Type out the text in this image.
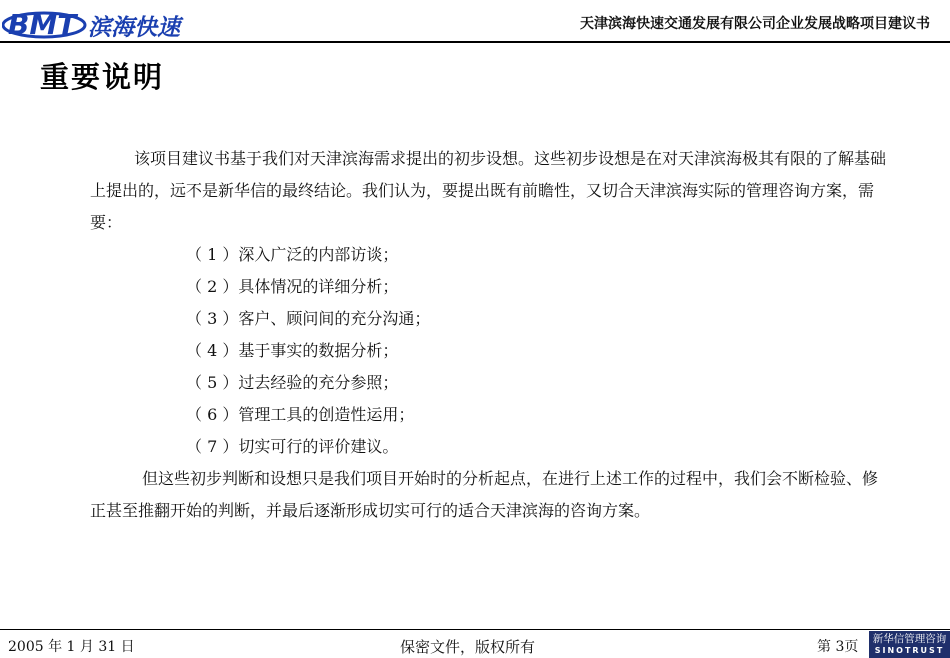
BMT 滨海快速	天津滨海快速交通发展有限公司企业发展战略项目建议书
重要说明

该项目建议书基于我们对天津滨海需求提出的初步设想。这些初步设想是在对天津滨海极其有限的了解基础上提出的，远不是新华信的最终结论。我们认为，要提出既有前瞻性，又切合天津滨海实际的管理咨询方案，需要：

（ 1 ）深入广泛的内部访谈；
（ 2 ）具体情况的详细分析；
（ 3 ）客户、顾问间的充分沟通；
（ 4 ）基于事实的数据分析；
（ 5 ）过去经验的充分参照；
（ 6 ）管理工具的创造性运用；
（ 7 ）切实可行的评价建议。

但这些初步判断和设想只是我们项目开始时的分析起点，在进行上述工作的过程中，我们会不断检验、修正甚至推翻开始的判断，并最后逐渐形成切实可行的适合天津滨海的咨询方案。

2005 年 1 月 31 日	保密文件，版权所有	第 3页	新华信管理咨询
SINOTRUST
